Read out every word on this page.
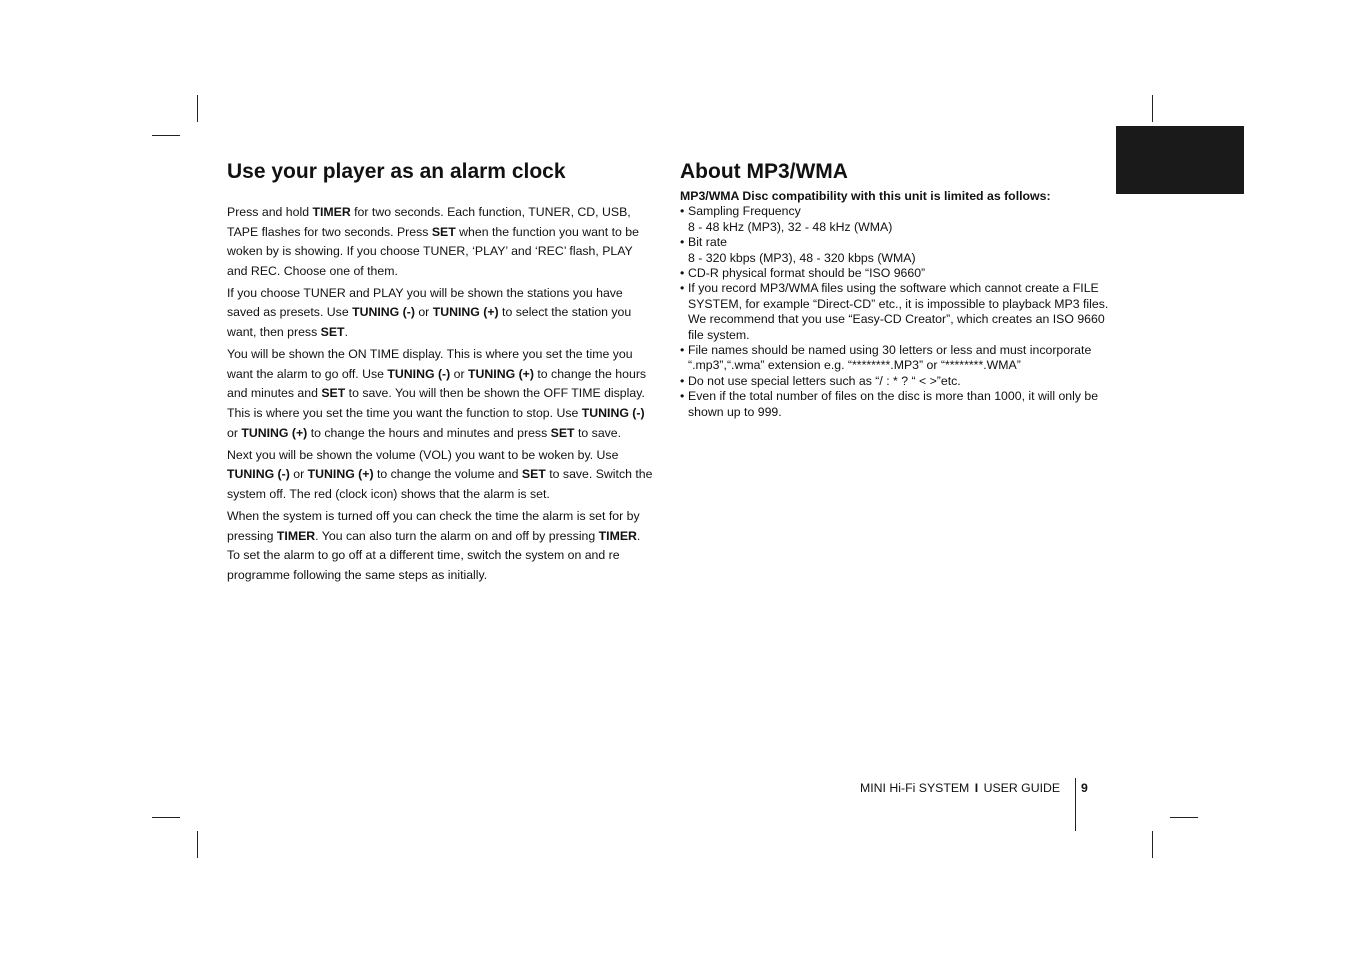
Use your player as an alarm clock

Press and hold TIMER for two seconds. Each function, TUNER, CD, USB, TAPE flashes for two seconds. Press SET when the function you want to be woken by is showing. If you choose TUNER, ‘PLAY’ and ‘REC’ flash, PLAY and REC. Choose one of them.

If you choose TUNER and PLAY you will be shown the stations you have saved as presets. Use TUNING (-) or TUNING (+) to select the station you want, then press SET.

You will be shown the ON TIME display. This is where you set the time you want the alarm to go off. Use TUNING (-) or TUNING (+) to change the hours and minutes and SET to save. You will then be shown the OFF TIME display. This is where you set the time you want the function to stop. Use TUNING (-) or TUNING (+) to change the hours and minutes and press SET to save.

Next you will be shown the volume (VOL) you want to be woken by. Use TUNING (-) or TUNING (+) to change the volume and SET to save. Switch the system off. The red (clock icon) shows that the alarm is set.

When the system is turned off you can check the time the alarm is set for by pressing TIMER. You can also turn the alarm on and off by pressing TIMER. To set the alarm to go off at a different time, switch the system on and re programme following the same steps as initially.

About MP3/WMA
MP3/WMA Disc compatibility with this unit is limited as follows:
• Sampling Frequency
8 - 48 kHz (MP3), 32 - 48 kHz (WMA)
• Bit rate
8 - 320 kbps (MP3), 48 - 320 kbps (WMA)
• CD-R physical format should be “ISO 9660”
• If you record MP3/WMA files using the software which cannot create a FILE SYSTEM, for example “Direct-CD” etc., it is impossible to playback MP3 files. We recommend that you use “Easy-CD Creator”, which creates an ISO 9660 file system.
• File names should be named using 30 letters or less and must incorporate “.mp3”,“.wma” extension e.g. “********.MP3” or “********.WMA”
• Do not use special letters such as “/ : * ? “ < >”etc.
• Even if the total number of files on the disc is more than 1000, it will only be shown up to 999.
MINI Hi-Fi SYSTEM I USER GUIDE 9
